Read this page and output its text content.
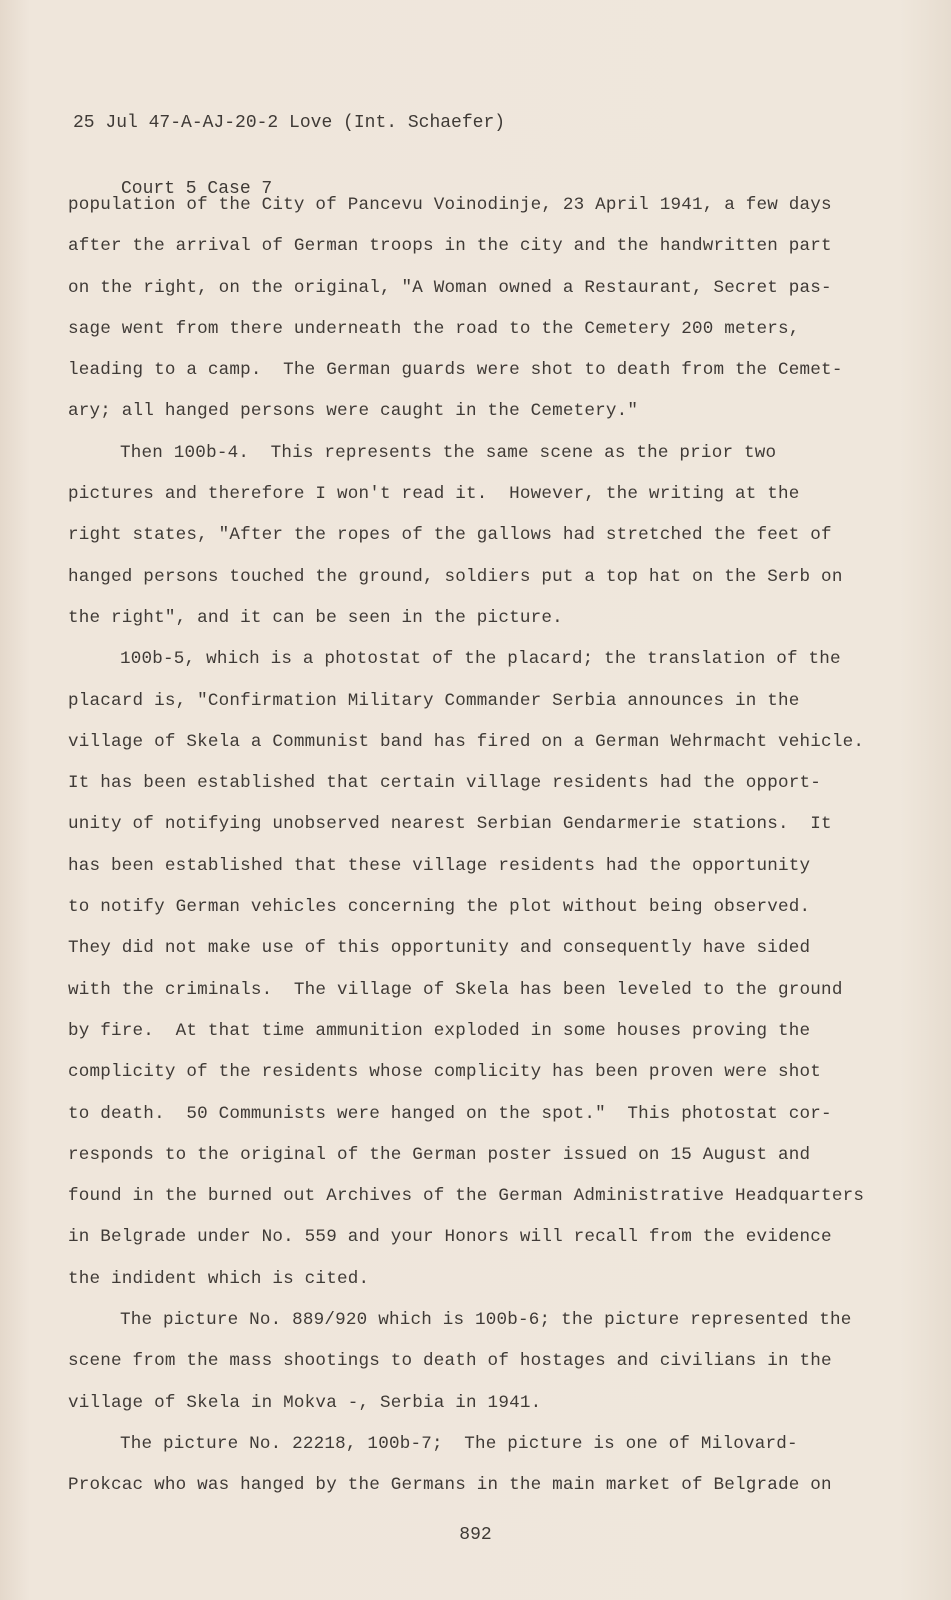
25 Jul 47-A-AJ-20-2 Love (Int. Schaefer)

Court 5 Case 7

population of the City of Pancevu Voinodinje, 23 April 1941, a few days
after the arrival of German troops in the city and the handwritten part
on the right, on the original, "A Woman owned a Restaurant, Secret pas-
sage went from there underneath the road to the Cemetery 200 meters,
leading to a camp.  The German guards were shot to death from the Cemet-
ary; all hanged persons were caught in the Cemetery."
Then 100b-4.  This represents the same scene as the prior two
pictures and therefore I won't read it.  However, the writing at the
right states, "After the ropes of the gallows had stretched the feet of
hanged persons touched the ground, soldiers put a top hat on the Serb on
the right", and it can be seen in the picture.
100b-5, which is a photostat of the placard; the translation of the
placard is, "Confirmation Military Commander Serbia announces in the
village of Skela a Communist band has fired on a German Wehrmacht vehicle.
It has been established that certain village residents had the opport-
unity of notifying unobserved nearest Serbian Gendarmerie stations.  It
has been established that these village residents had the opportunity
to notify German vehicles concerning the plot without being observed.
They did not make use of this opportunity and consequently have sided
with the criminals.  The village of Skela has been leveled to the ground
by fire.  At that time ammunition exploded in some houses proving the
complicity of the residents whose complicity has been proven were shot
to death.  50 Communists were hanged on the spot."  This photostat cor-
responds to the original of the German poster issued on 15 August and
found in the burned out Archives of the German Administrative Headquarters
in Belgrade under No. 559 and your Honors will recall from the evidence
the indident which is cited.
The picture No. 889/920 which is 100b-6; the picture represented the
scene from the mass shootings to death of hostages and civilians in the
village of Skela in Mokva -, Serbia in 1941.
The picture No. 22218, 100b-7;  The picture is one of Milovard-
Prokcac who was hanged by the Germans in the main market of Belgrade on
892
